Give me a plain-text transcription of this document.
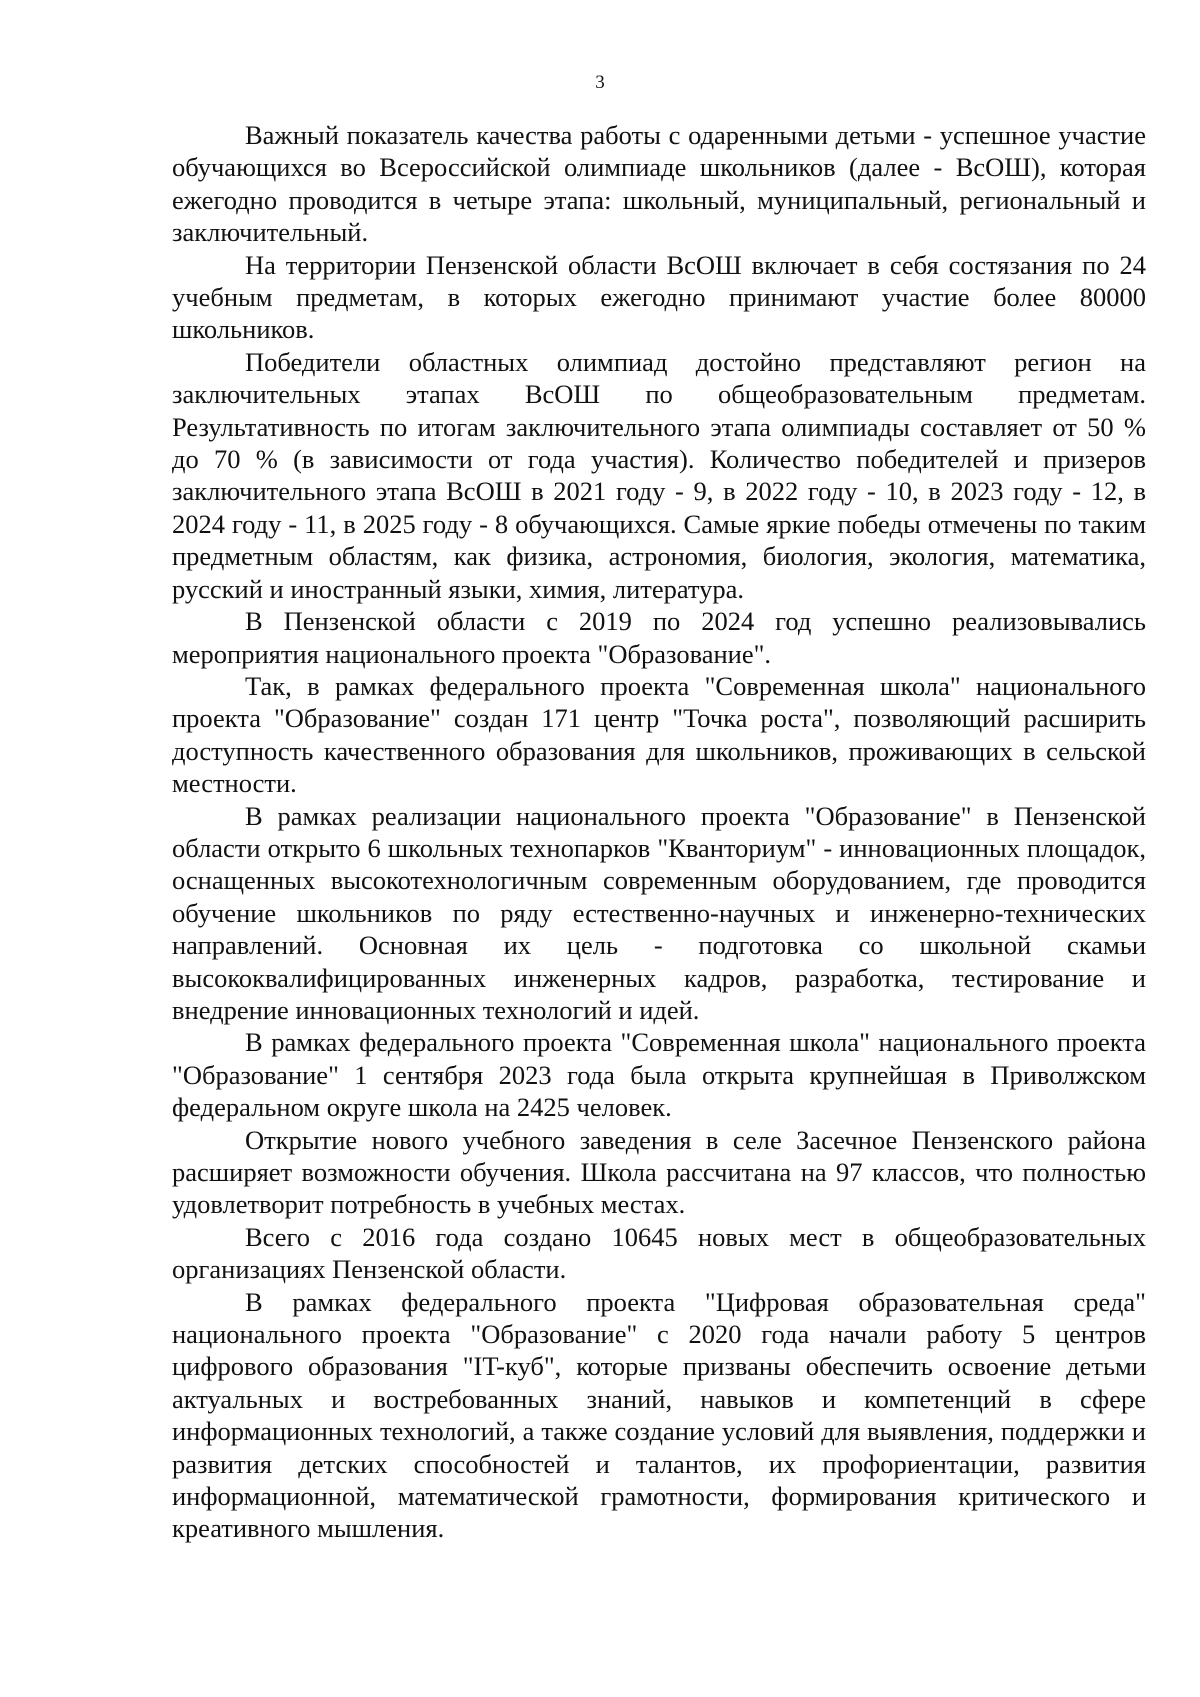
3

Важный показатель качества работы с одаренными детьми - успешное участие обучающихся во Всероссийской олимпиаде школьников (далее - ВсОШ), которая ежегодно проводится в четыре этапа: школьный, муниципальный, региональный и заключительный.

На территории Пензенской области ВсОШ включает в себя состязания по 24 учебным предметам, в которых ежегодно принимают участие более 80000 школьников.

Победители областных олимпиад достойно представляют регион на заключительных этапах ВсОШ по общеобразовательным предметам. Результативность по итогам заключительного этапа олимпиады составляет от 50 % до 70 % (в зависимости от года участия). Количество победителей и призеров заключительного этапа ВсОШ в 2021 году - 9, в 2022 году - 10, в 2023 году - 12, в 2024 году - 11, в 2025 году - 8 обучающихся. Самые яркие победы отмечены по таким предметным областям, как физика, астрономия, биология, экология, математика, русский и иностранный языки, химия, литература.

В Пензенской области с 2019 по 2024 год успешно реализовывались мероприятия национального проекта "Образование".

Так, в рамках федерального проекта "Современная школа" национального проекта "Образование" создан 171 центр "Точка роста", позволяющий расширить доступность качественного образования для школьников, проживающих в сельской местности.

В рамках реализации национального проекта "Образование" в Пензенской области открыто 6 школьных технопарков "Кванториум" - инновационных площадок, оснащенных высокотехнологичным современным оборудованием, где проводится обучение школьников по ряду естественно-научных и инженерно-технических направлений. Основная их цель - подготовка со школьной скамьи высококвалифицированных инженерных кадров, разработка, тестирование и внедрение инновационных технологий и идей.

В рамках федерального проекта "Современная школа" национального проекта "Образование" 1 сентября 2023 года была открыта крупнейшая в Приволжском федеральном округе школа на 2425 человек.

Открытие нового учебного заведения в селе Засечное Пензенского района расширяет возможности обучения. Школа рассчитана на 97 классов, что полностью удовлетворит потребность в учебных местах.

Всего с 2016 года создано 10645 новых мест в общеобразовательных организациях Пензенской области.

В рамках федерального проекта "Цифровая образовательная среда" национального проекта "Образование" с 2020 года начали работу 5 центров цифрового образования "IT-куб", которые призваны обеспечить освоение детьми актуальных и востребованных знаний, навыков и компетенций в сфере информационных технологий, а также создание условий для выявления, поддержки и развития детских способностей и талантов, их профориентации, развития информационной, математической грамотности, формирования критического и креативного мышления.
